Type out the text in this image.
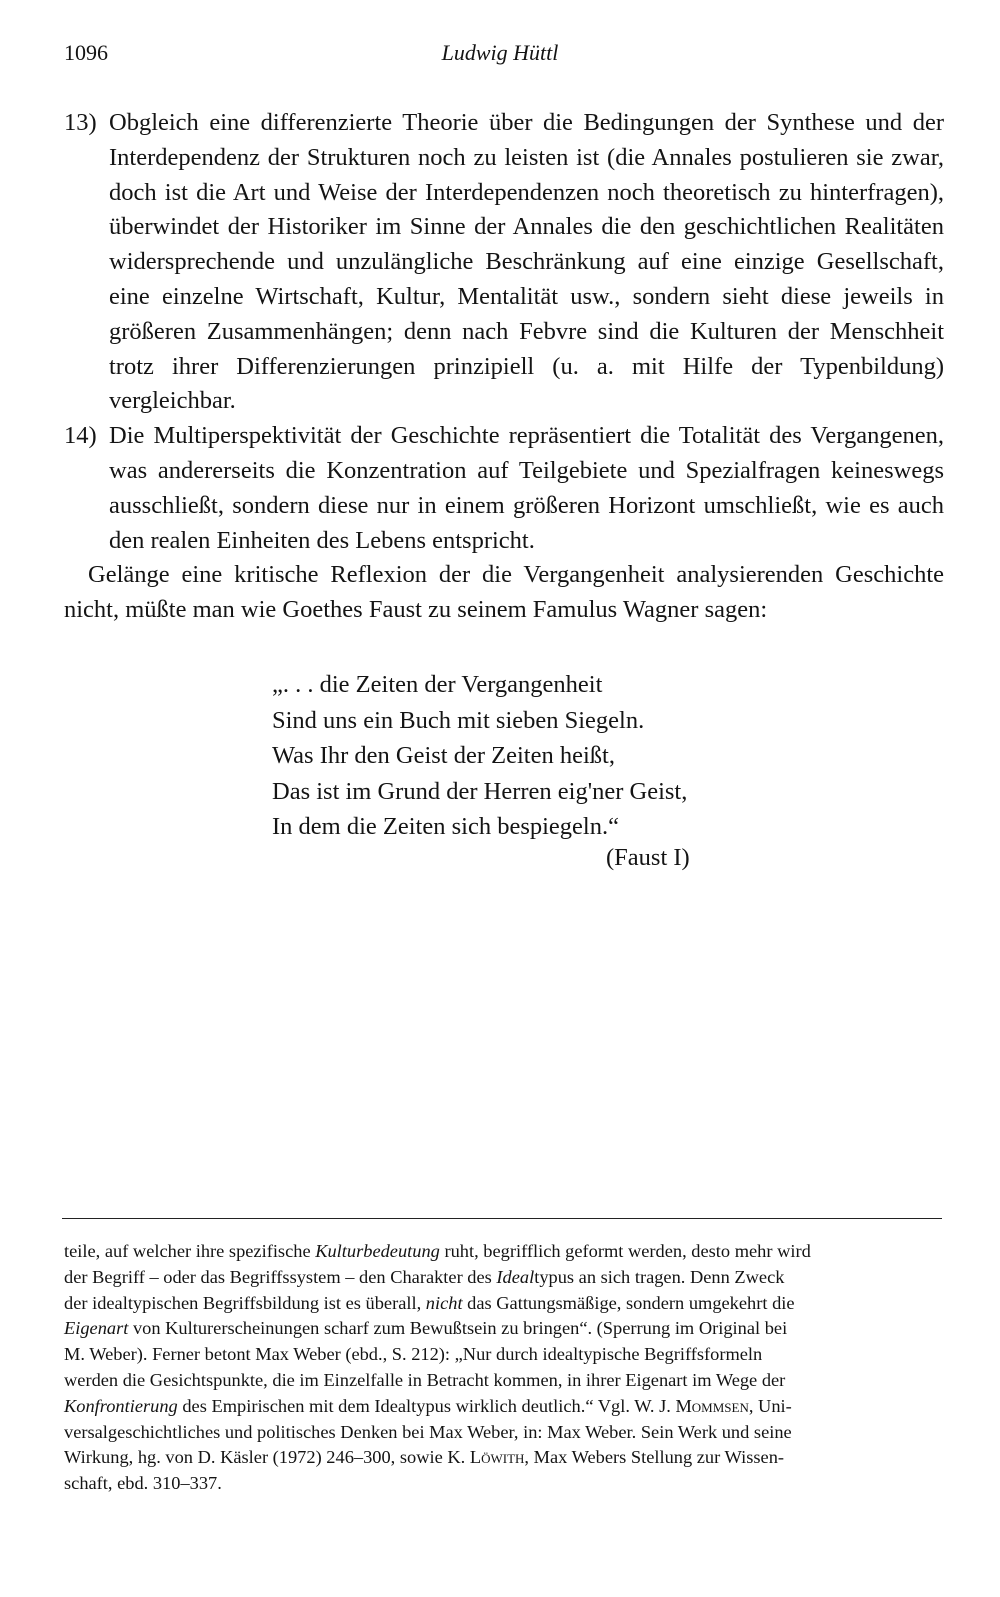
1096	Ludwig Hüttl
13) Obgleich eine differenzierte Theorie über die Bedingungen der Synthese und der Interdependenz der Strukturen noch zu leisten ist (die Annales postulieren sie zwar, doch ist die Art und Weise der Interdependenzen noch theoretisch zu hinterfragen), überwindet der Historiker im Sinne der Annales die den geschichtlichen Realitäten widersprechende und unzulängliche Beschränkung auf eine einzige Gesellschaft, eine einzelne Wirtschaft, Kultur, Mentalität usw., sondern sieht diese jeweils in größeren Zusammenhängen; denn nach Febvre sind die Kulturen der Menschheit trotz ihrer Differenzierungen prinzipiell (u. a. mit Hilfe der Typenbildung) vergleichbar.
14) Die Multiperspektivität der Geschichte repräsentiert die Totalität des Vergangenen, was andererseits die Konzentration auf Teilgebiete und Spezialfragen keineswegs ausschließt, sondern diese nur in einem größeren Horizont umschließt, wie es auch den realen Einheiten des Lebens entspricht.
Gelänge eine kritische Reflexion der die Vergangenheit analysierenden Geschichte nicht, müßte man wie Goethes Faust zu seinem Famulus Wagner sagen:
„. . . die Zeiten der Vergangenheit
Sind uns ein Buch mit sieben Siegeln.
Was Ihr den Geist der Zeiten heißt,
Das ist im Grund der Herren eig'ner Geist,
In dem die Zeiten sich bespiegeln.“
(Faust I)
teile, auf welcher ihre spezifische Kulturbedeutung ruht, begrifflich geformt werden, desto mehr wird
der Begriff – oder das Begriffssystem – den Charakter des Idealtypus an sich tragen. Denn Zweck
der idealtypischen Begriffsbildung ist es überall, nicht das Gattungsmäßige, sondern umgekehrt die
Eigenart von Kulturerscheinungen scharf zum Bewußtsein zu bringen“. (Sperrung im Original bei
M. Weber). Ferner betont Max Weber (ebd., S. 212): „Nur durch idealtypische Begriffsformeln
werden die Gesichtspunkte, die im Einzelfalle in Betracht kommen, in ihrer Eigenart im Wege der
Konfrontierung des Empirischen mit dem Idealtypus wirklich deutlich.“ Vgl. W. J. Mommsen, Uni-
versalgeschichtliches und politisches Denken bei Max Weber, in: Max Weber. Sein Werk und seine
Wirkung, hg. von D. Käsler (1972) 246–300, sowie K. Löwith, Max Webers Stellung zur Wissen-
schaft, ebd. 310–337.
